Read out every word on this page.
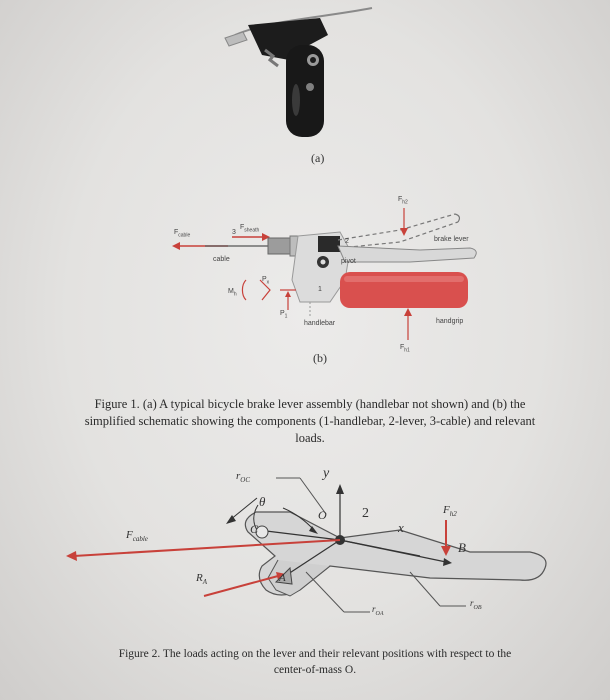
(a)
$F_{cable}$	3
$F_{sheath}$
cable
2
pivot
brake lever
handgrip
handlebar
$M_h$
$P_x$
1
$F_{h2}$
$F_{h1}$
$P_1$
(b)
Figure 1. (a) A typical bicycle brake lever assembly (handlebar not shown) and (b) the
simplified schematic showing the components (1-handlebar, 2-lever, 3-cable) and relevant
loads.
$F_{cable}$
$r_{OC}$
θ
y
O	2
x
$F_{h2}$
B
C
A
$R_A$
$r_{OA}$
$r_{OB}$
Figure 2. The loads acting on the lever and their relevant positions with respect to the
center-of-mass O.
